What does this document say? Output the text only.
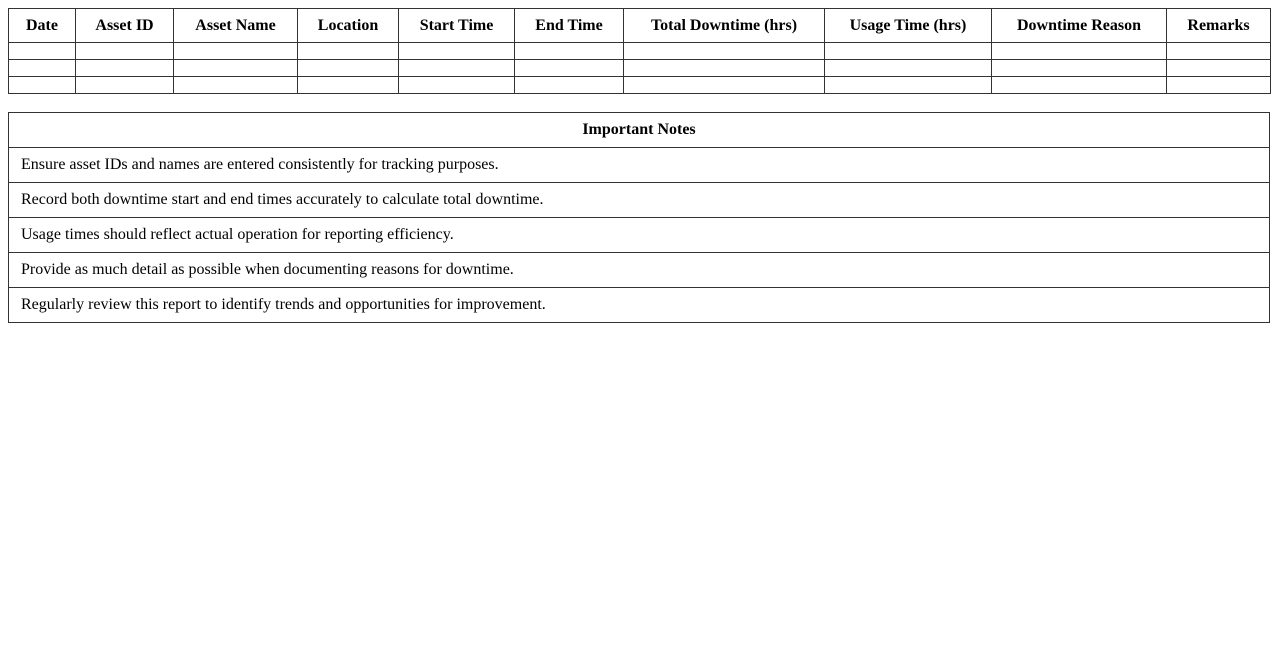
Date	Asset ID	Asset Name	Location	Start Time	End Time	Total Downtime (hrs)	Usage Time (hrs)	Downtime Reason	Remarks

Important Notes
Ensure asset IDs and names are entered consistently for tracking purposes.
Record both downtime start and end times accurately to calculate total downtime.
Usage times should reflect actual operation for reporting efficiency.
Provide as much detail as possible when documenting reasons for downtime.
Regularly review this report to identify trends and opportunities for improvement.
